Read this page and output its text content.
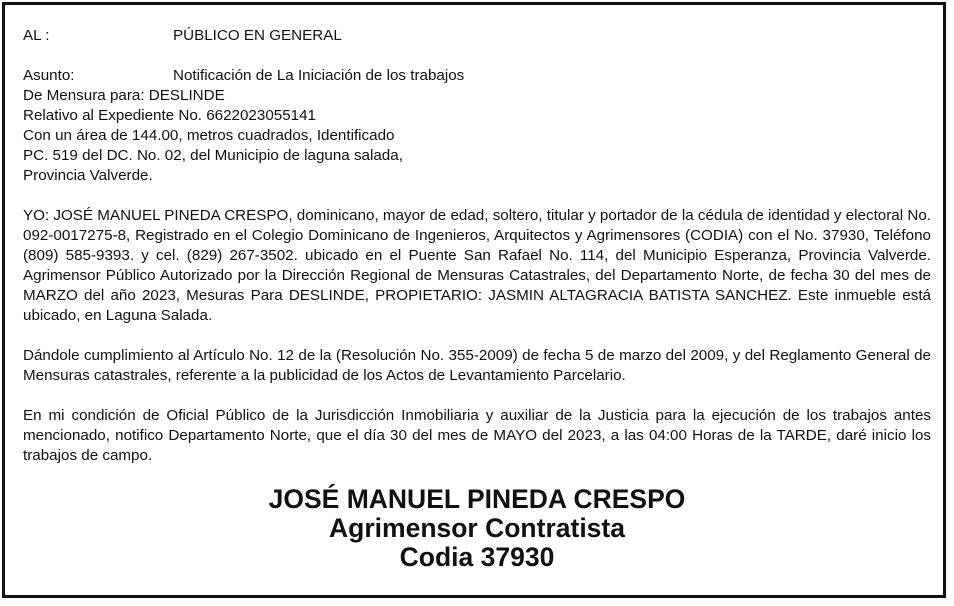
AL :	PÚBLICO EN GENERAL
Asunto:	Notificación de La Iniciación de los trabajos
De Mensura para: DESLINDE
Relativo al Expediente No. 6622023055141
Con un área de 144.00, metros cuadrados, Identificado
PC. 519 del DC. No. 02, del Municipio de laguna salada,
Provincia Valverde.
YO: JOSÉ MANUEL PINEDA CRESPO, dominicano, mayor de edad, soltero, titular y portador de la cédula de identidad y electoral No. 092-0017275-8, Registrado en el Colegio Dominicano de Ingenieros, Arquitectos y Agrimensores (CODIA) con el No. 37930, Teléfono (809) 585-9393. y cel. (829) 267-3502. ubicado en el Puente San Rafael No. 114, del Municipio Esperanza, Provincia Valverde. Agrimensor Público Autorizado por la Dirección Regional de Mensuras Catastrales, del Departamento Norte, de fecha 30 del mes de MARZO del año 2023, Mesuras Para DESLINDE, PROPIETARIO: JASMIN ALTAGRACIA BATISTA SANCHEZ. Este inmueble está ubicado, en Laguna Salada.
Dándole cumplimiento al Artículo No. 12 de la (Resolución No. 355-2009) de fecha 5 de marzo del 2009, y del Reglamento General de Mensuras catastrales, referente a la publicidad de los Actos de Levantamiento Parcelario.
En mi condición de Oficial Público de la Jurisdicción Inmobiliaria y auxiliar de la Justicia para la ejecución de los trabajos antes mencionado, notifico Departamento Norte, que el día 30 del mes de MAYO del 2023, a las 04:00 Horas de la TARDE, daré inicio los trabajos de campo.
JOSÉ MANUEL PINEDA CRESPO
Agrimensor Contratista
Codia 37930
